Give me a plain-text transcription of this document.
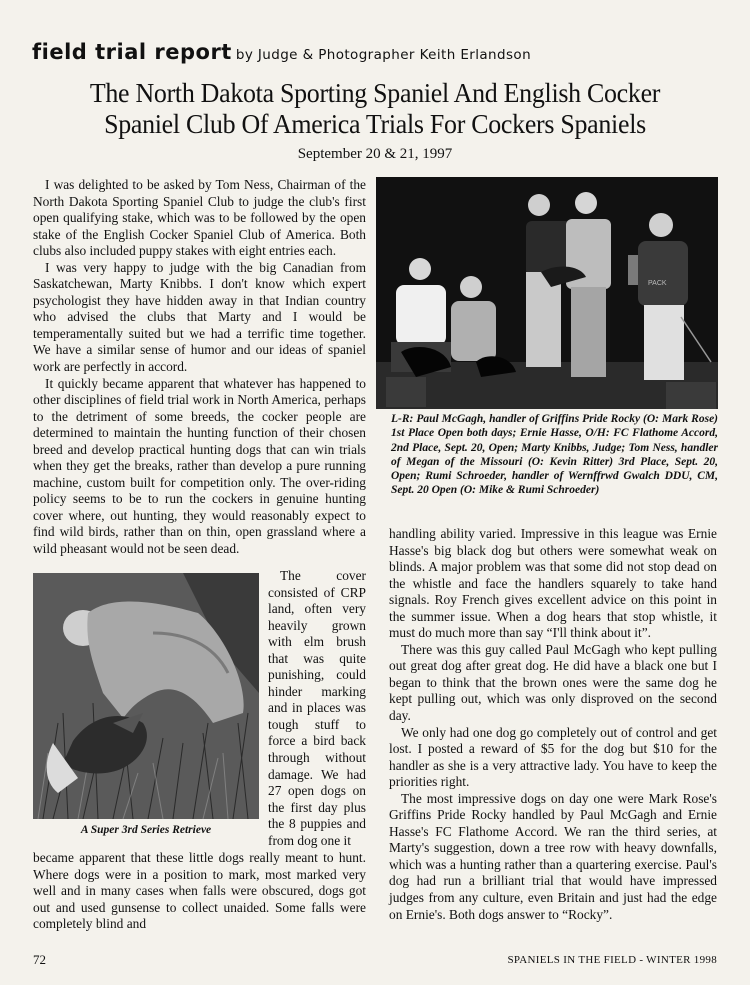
field trial report by Judge & Photographer Keith Erlandson
The North Dakota Sporting Spaniel And English Cocker
Spaniel Club Of America Trials For Cockers Spaniels
September 20 & 21, 1997

I was delighted to be asked by Tom Ness, Chairman of the North Dakota Sporting Spaniel Club to judge the club's first open qualifying stake, which was to be followed by the open stake of the English Cocker Spaniel Club of America. Both clubs also included puppy stakes with eight entries each.

I was very happy to judge with the big Canadian from Saskatchewan, Marty Knibbs. I don't know which expert psychologist they have hidden away in that Indian country who advised the clubs that Marty and I would be temperamentally suited but we had a terrific time together. We have a similar sense of humor and our ideas of spaniel work are perfectly in accord.

It quickly became apparent that whatever has happened to other disciplines of field trial work in North America, perhaps to the detriment of some breeds, the cocker people are determined to maintain the hunting function of their chosen breed and develop practical hunting dogs that can win trials when they get the breaks, rather than develop a pure running machine, custom built for competition only. The over-riding policy seems to be to run the cockers in genuine hunting cover where, out hunting, they would reasonably expect to find wild birds, rather than on thin, open grassland where a wild pheasant would not be seen dead.

The cover consisted of CRP land, often very heavily grown with elm brush that was quite punishing, could hinder marking and in places was tough stuff to force a bird back through without damage. We had 27 open dogs on the first day plus the 8 puppies and from dog one it
A Super 3rd Series Retrieve
became apparent that these little dogs really meant to hunt. Where dogs were in a position to mark, most marked very well and in many cases when falls were obscured, dogs got out and used gunsense to collect unaided. Some falls were completely blind and
PACK
L-R: Paul McGagh, handler of Griffins Pride Rocky (O: Mark Rose) 1st Place Open both days; Ernie Hasse, O/H: FC Flathome Accord, 2nd Place, Sept. 20, Open; Marty Knibbs, Judge; Tom Ness, handler of Megan of the Missouri (O: Kevin Ritter) 3rd Place, Sept. 20, Open; Rumi Schroeder, handler of Wernffrwd Gwalch DDU, CM, Sept. 20 Open (O: Mike & Rumi Schroeder)

handling ability varied. Impressive in this league was Ernie Hasse's big black dog but others were somewhat weak on blinds. A major problem was that some did not stop dead on the whistle and face the handlers squarely to take hand signals. Roy French gives excellent advice on this point in the summer issue. When a dog hears that stop whistle, it must do much more than say “I'll think about it”.

There was this guy called Paul McGagh who kept pulling out great dog after great dog. He did have a black one but I began to think that the brown ones were the same dog he kept pulling out, which was only disproved on the second day.

We only had one dog go completely out of control and get lost. I posted a reward of $5 for the dog but $10 for the handler as she is a very attractive lady. You have to keep the priorities right.

The most impressive dogs on day one were Mark Rose's Griffins Pride Rocky handled by Paul McGagh and Ernie Hasse's FC Flathome Accord. We ran the third series, at Marty's suggestion, down a tree row with heavy downfalls, which was a hunting rather than a quartering exercise. Paul's dog had run a brilliant trial that would have impressed judges from any culture, even Britain and just had the edge on Ernie's. Both dogs answer to “Rocky”.

72	SPANIELS IN THE FIELD - WINTER 1998
